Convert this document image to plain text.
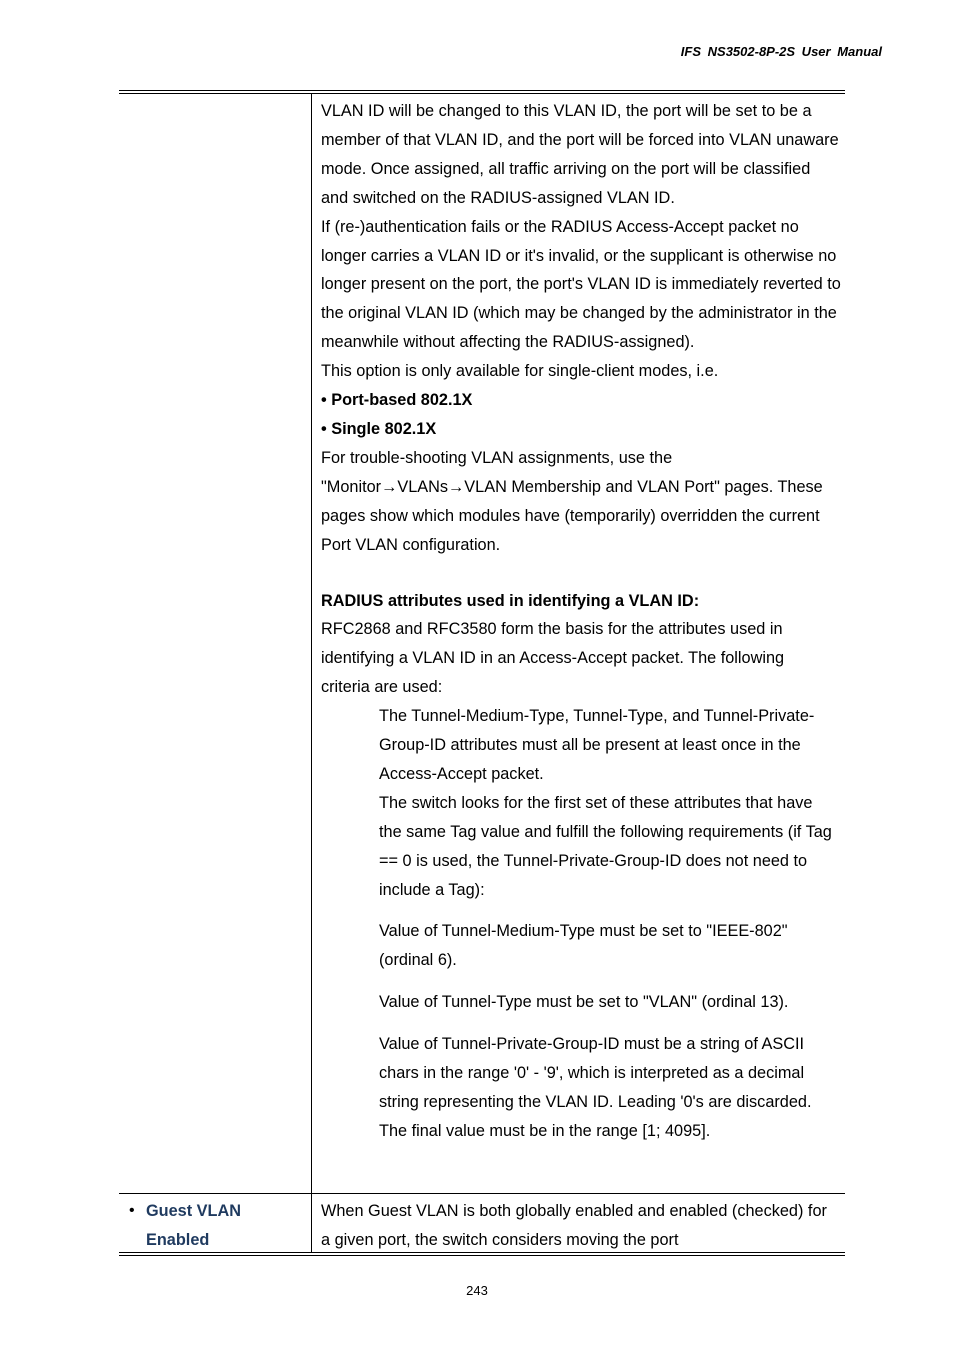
IFS NS3502-8P-2S User Manual
VLAN ID will be changed to this VLAN ID, the port will be set to be a member of that VLAN ID, and the port will be forced into VLAN unaware mode. Once assigned, all traffic arriving on the port will be classified and switched on the RADIUS-assigned VLAN ID.
If (re-)authentication fails or the RADIUS Access-Accept packet no longer carries a VLAN ID or it's invalid, or the supplicant is otherwise no longer present on the port, the port's VLAN ID is immediately reverted to the original VLAN ID (which may be changed by the administrator in the meanwhile without affecting the RADIUS-assigned).
This option is only available for single-client modes, i.e.
• Port-based 802.1X
• Single 802.1X
For trouble-shooting VLAN assignments, use the "Monitor→VLANs→VLAN Membership and VLAN Port" pages. These pages show which modules have (temporarily) overridden the current Port VLAN configuration.
RADIUS attributes used in identifying a VLAN ID:
RFC2868 and RFC3580 form the basis for the attributes used in identifying a VLAN ID in an Access-Accept packet. The following criteria are used:
The Tunnel-Medium-Type, Tunnel-Type, and Tunnel-Private-Group-ID attributes must all be present at least once in the Access-Accept packet.
The switch looks for the first set of these attributes that have the same Tag value and fulfill the following requirements (if Tag == 0 is used, the Tunnel-Private-Group-ID does not need to include a Tag):
Value of Tunnel-Medium-Type must be set to "IEEE-802" (ordinal 6).
Value of Tunnel-Type must be set to "VLAN" (ordinal 13).
Value of Tunnel-Private-Group-ID must be a string of ASCII chars in the range '0' - '9', which is interpreted as a decimal string representing the VLAN ID. Leading '0's are discarded. The final value must be in the range [1; 4095].
• Guest VLAN
Enabled
When Guest VLAN is both globally enabled and enabled (checked) for a given port, the switch considers moving the port
243
